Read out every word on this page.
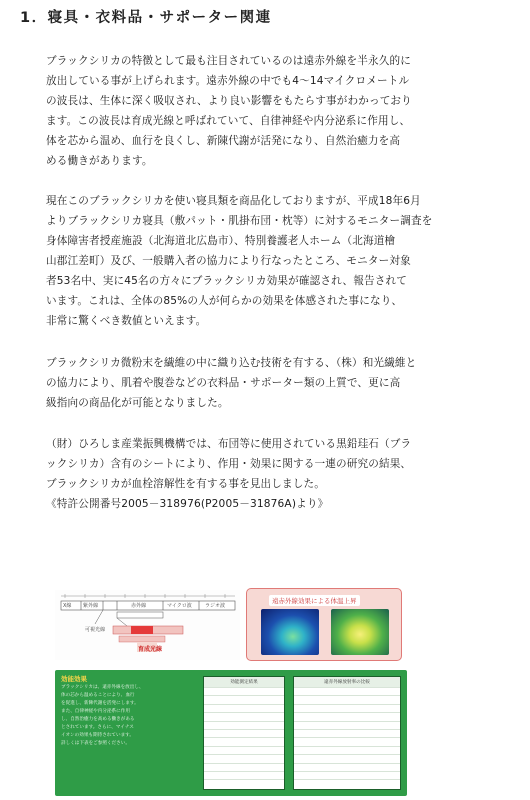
1．寝具・衣料品・サポーター関連
ブラックシリカの特徴として最も注目されているのは遠赤外線を半永久的に
放出している事が上げられます。遠赤外線の中でも4～14マイクロメートル
の波長は、生体に深く吸収され、より良い影響をもたらす事がわかっており
ます。この波長は育成光線と呼ばれていて、自律神経や内分泌系に作用し、
体を芯から温め、血行を良くし、新陳代謝が活発になり、自然治癒力を高
める働きがあります。
現在このブラックシリカを使い寝具類を商品化しておりますが、平成18年6月
よりブラックシリカ寝具（敷パット・肌掛布団・枕等）に対するモニター調査を
身体障害者授産施設（北海道北広島市）、特別養護老人ホーム（北海道檜
山郡江差町）及び、一般購入者の協力により行なったところ、モニター対象
者53名中、実に45名の方々にブラックシリカ効果が確認され、報告されて
います。これは、全体の85%の人が何らかの効果を体感された事になり、
非常に驚くべき数値といえます。
ブラックシリカ微粉末を繊維の中に織り込む技術を有する、（株）和光繊維と
の協力により、肌着や腹巻などの衣料品・サポーター類の上質で、更に高
級指向の商品化が可能となりました。
（財）ひろしま産業振興機構では、布団等に使用されている黒鉛珪石（ブラ
ックシリカ）含有のシートにより、作用・効果に関する一連の研究の結果、
ブラックシリカが血栓溶解性を有する事を見出しました。
《特許公開番号2005－318976(P2005－31876A)より》
X線 紫外線
可視光線
赤外線	マイクロ波	ラジオ波
育成光線
遠赤外線効果による体温上昇
効能効果
ブラックシリカは、遠赤外線を放出し、
体の芯から温めることにより、血行
を促進し、新陳代謝を活発にします。
また、自律神経や内分泌系に作用
し、自然治癒力を高める働きがある
とされています。さらに、マイナス
イオンの効果も期待されています。
詳しくは下表をご参照ください。
効能測定結果	遠赤外線放射率の比較
